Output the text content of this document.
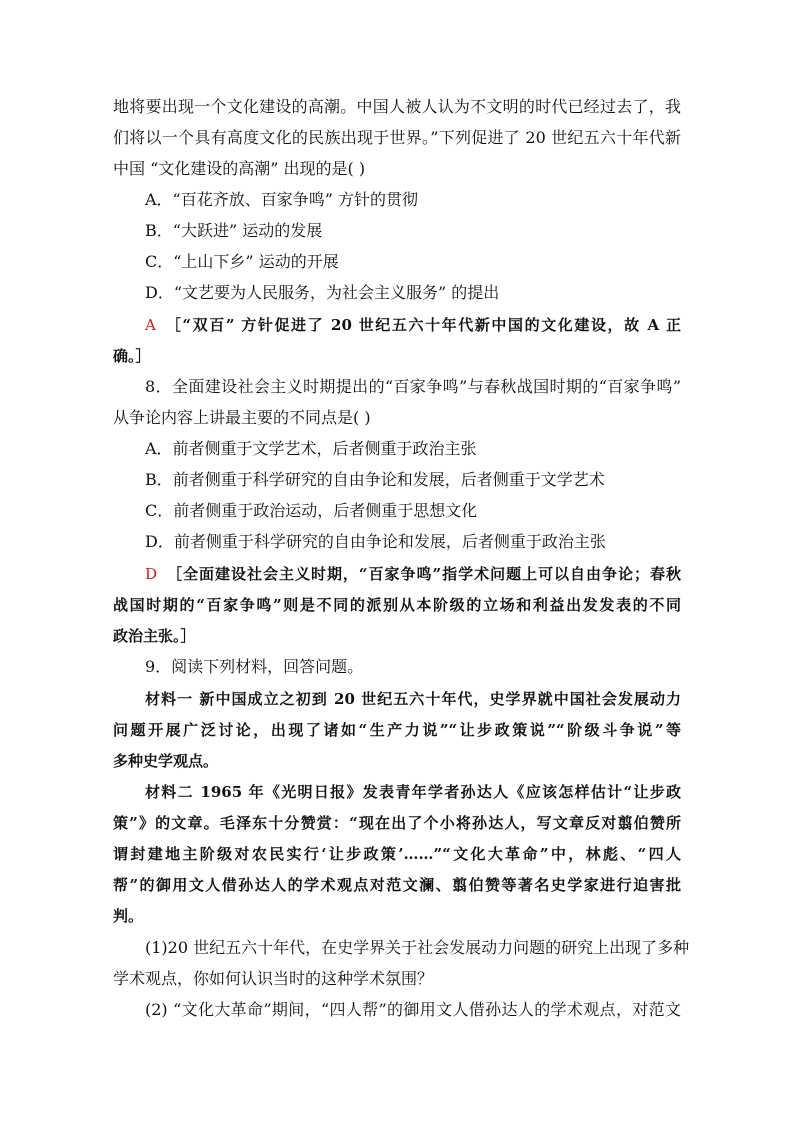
地将要出现一个文化建设的高潮。中国人被人认为不文明的时代已经过去了，我
们将以一个具有高度文化的民族出现于世界。”下列促进了 20 世纪五六十年代新
中国 “文化建设的高潮” 出现的是( )
A．“百花齐放、百家争鸣” 方针的贯彻
B．“大跃进” 运动的发展
C．“上山下乡” 运动的开展
D．“文艺要为人民服务，为社会主义服务” 的提出
A ［“双百” 方针促进了 20 世纪五六十年代新中国的文化建设，故 A 正
确。］
8．全面建设社会主义时期提出的“百家争鸣”与春秋战国时期的“百家争鸣”
从争论内容上讲最主要的不同点是( )
A．前者侧重于文学艺术，后者侧重于政治主张
B．前者侧重于科学研究的自由争论和发展，后者侧重于文学艺术
C．前者侧重于政治运动，后者侧重于思想文化
D．前者侧重于科学研究的自由争论和发展，后者侧重于政治主张
D ［全面建设社会主义时期，“百家争鸣”指学术问题上可以自由争论；春秋
战国时期的“百家争鸣”则是不同的派别从本阶级的立场和利益出发发表的不同
政治主张。］
9．阅读下列材料，回答问题。
材料一 新中国成立之初到 20 世纪五六十年代，史学界就中国社会发展动力
问题开展广泛讨论，出现了诸如“生产力说”“让步政策说”“阶级斗争说”等
多种史学观点。
材料二 1965 年《光明日报》发表青年学者孙达人《应该怎样估计“让步政
策”》的文章。毛泽东十分赞赏：“现在出了个小将孙达人，写文章反对翦伯赞所
谓封建地主阶级对农民实行‘让步政策’……”“文化大革命”中，林彪、“四人
帮”的御用文人借孙达人的学术观点对范文澜、翦伯赞等著名史学家进行迫害批
判。
(1)20 世纪五六十年代，在史学界关于社会发展动力问题的研究上出现了多种
学术观点，你如何认识当时的这种学术氛围？
(2) “文化大革命”期间，“四人帮”的御用文人借孙达人的学术观点，对范文
